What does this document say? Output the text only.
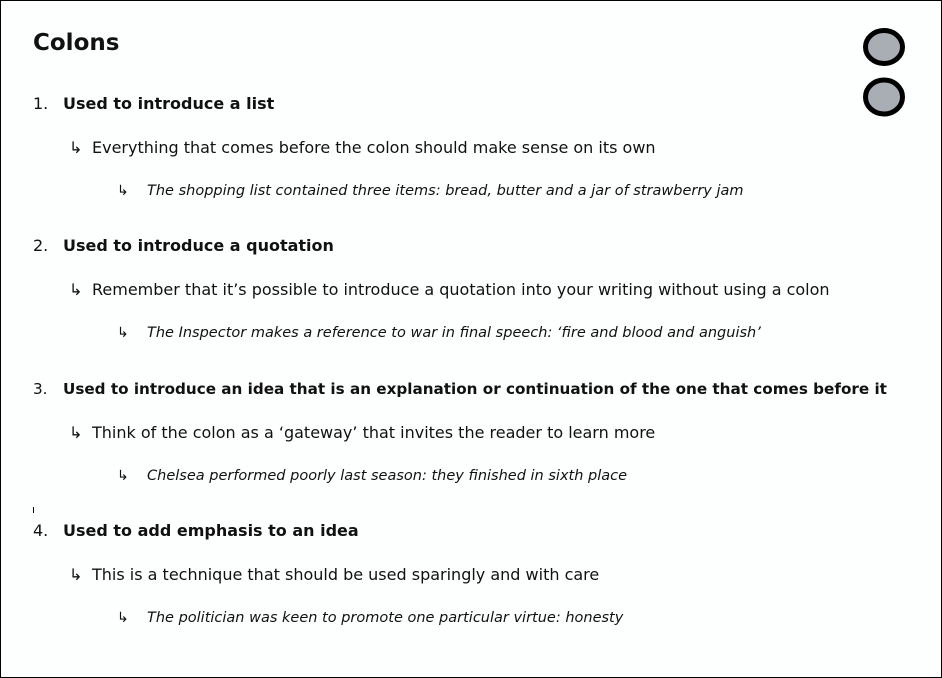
Colons
1. Used to introduce a list
↳ Everything that comes before the colon should make sense on its own
↳ The shopping list contained three items: bread, butter and a jar of strawberry jam
2. Used to introduce a quotation
↳ Remember that it’s possible to introduce a quotation into your writing without using a colon
↳ The Inspector makes a reference to war in final speech: ‘fire and blood and anguish’
3. Used to introduce an idea that is an explanation or continuation of the one that comes before it
↳ Think of the colon as a ‘gateway’ that invites the reader to learn more
↳ Chelsea performed poorly last season: they finished in sixth place
4. Used to add emphasis to an idea
↳ This is a technique that should be used sparingly and with care
↳ The politician was keen to promote one particular virtue: honesty
